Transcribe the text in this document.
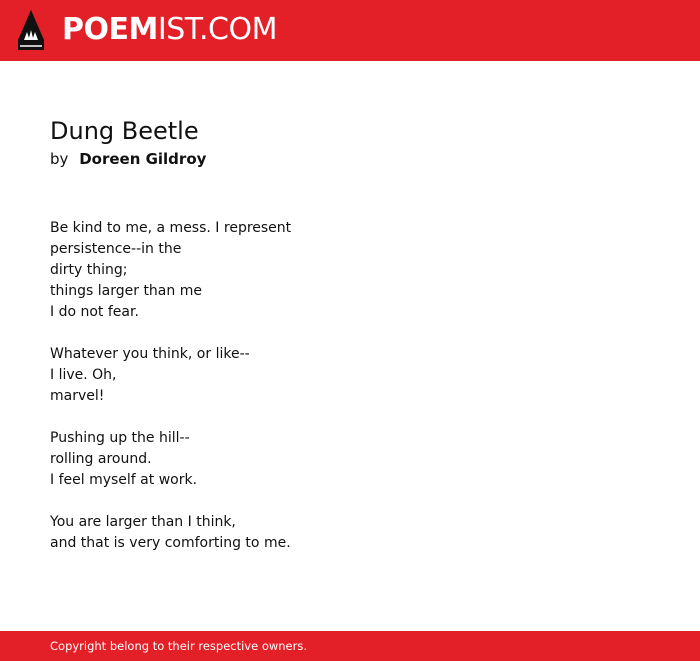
POEMIST.COM
Dung Beetle
by Doreen Gildroy
Be kind to me, a mess. I represent
persistence--in the
dirty thing;
things larger than me
I do not fear.
Whatever you think, or like--
I live. Oh,
marvel!
Pushing up the hill--
rolling around.
I feel myself at work.
You are larger than I think,
and that is very comforting to me.
Copyright belong to their respective owners.
